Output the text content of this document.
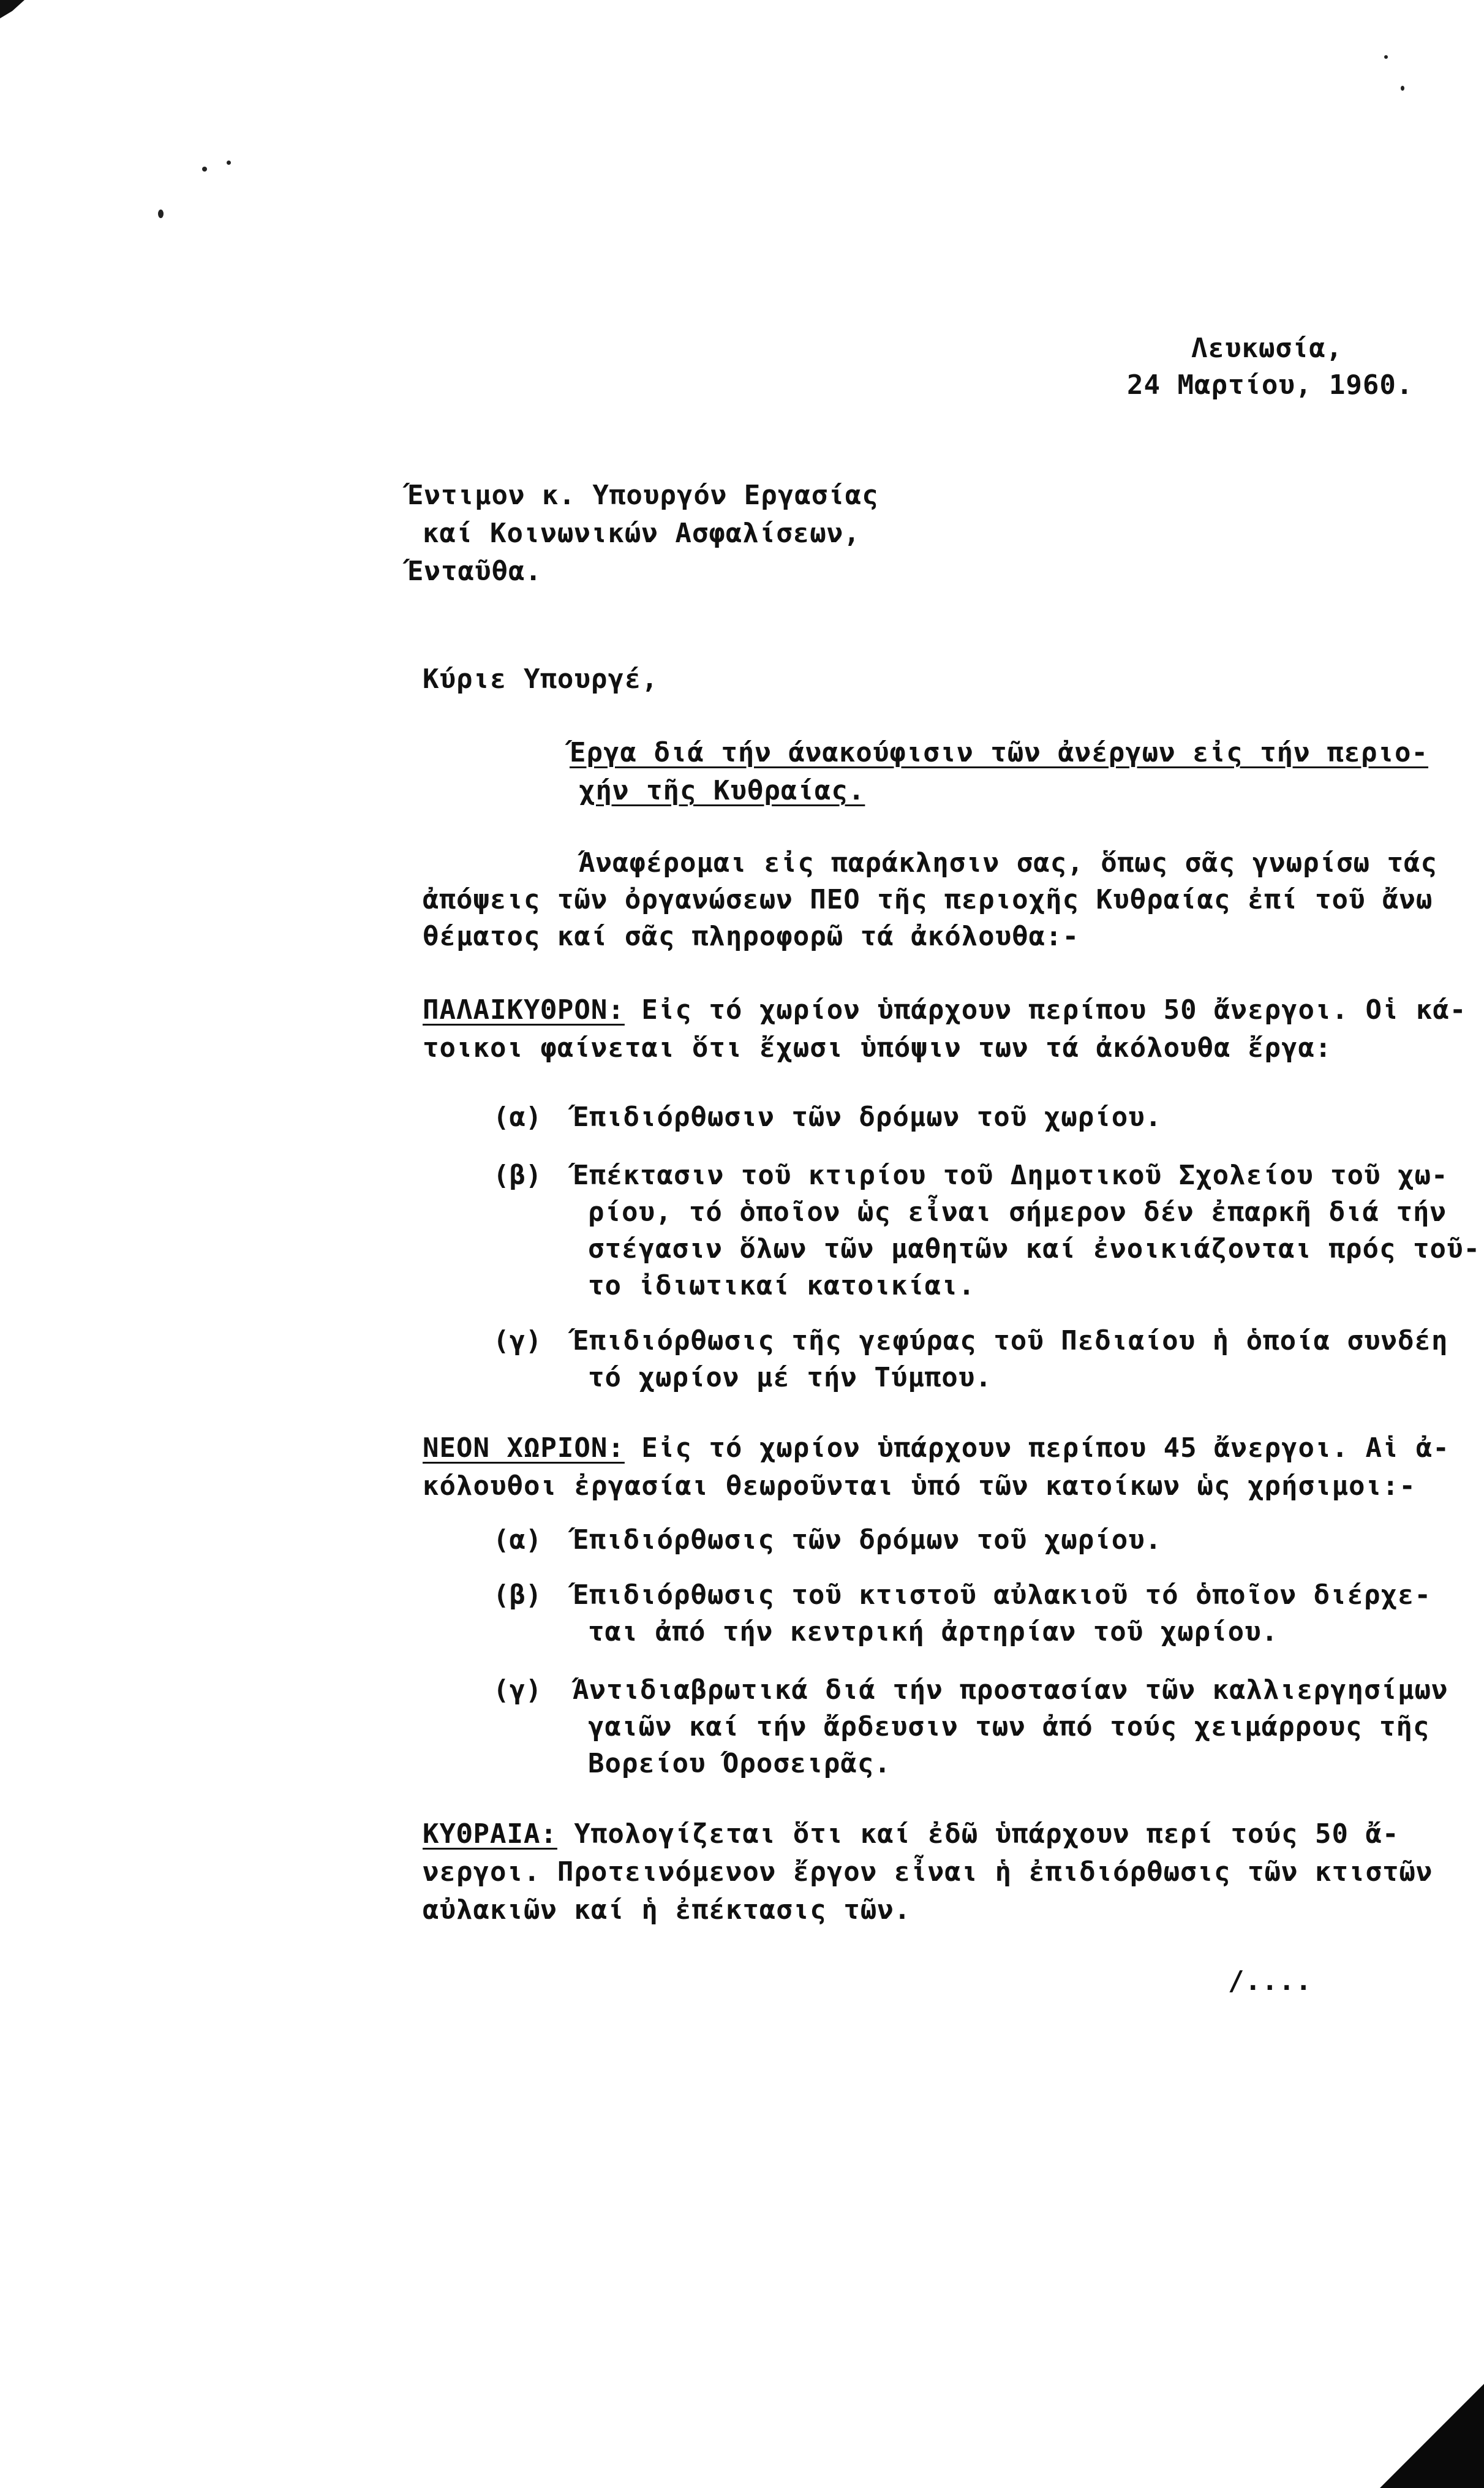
Λευκωσία,
24 Μαρτίου, 1960.
Έντιμον κ. Υπουργόν Εργασίας
καί Κοινωνικών Ασφαλίσεων,
Ένταῦθα.
Κύριε Υπουργέ,
Έργα διά τήν άνακούφισιν τῶν ἀνέργων εἰς τήν περιο-
χήν τῆς Κυθραίας.
Άναφέρομαι εἰς παράκλησιν σας, ὅπως σᾶς γνωρίσω τάς
ἀπόψεις τῶν ὀργανώσεων ΠΕΟ τῆς περιοχῆς Κυθραίας ἐπί τοῦ ἄνω
θέματος καί σᾶς πληροφορῶ τά ἀκόλουθα:-
ΠΑΛΑΙΚΥΘΡΟΝ: Εἰς τό χωρίον ὑπάρχουν περίπου 50 ἄνεργοι. Οἱ κά-
τοικοι φαίνεται ὅτι ἔχωσι ὑπόψιν των τά ἀκόλουθα ἔργα:
(α) Έπιδιόρθωσιν τῶν δρόμων τοῦ χωρίου.
(β) Έπέκτασιν τοῦ κτιρίου τοῦ Δημοτικοῦ Σχολείου τοῦ χω-
ρίου, τό ὁποῖον ὡς εἶναι σήμερον δέν ἐπαρκῆ διά τήν
στέγασιν ὅλων τῶν μαθητῶν καί ἐνοικιάζονται πρός τοῦ-
το ἰδιωτικαί κατοικίαι.
(γ) Έπιδιόρθωσις τῆς γεφύρας τοῦ Πεδιαίου ἡ ὁποία συνδέη
τό χωρίον μέ τήν Τύμπου.
ΝΕΟΝ ΧΩΡΙΟΝ: Εἰς τό χωρίον ὑπάρχουν περίπου 45 ἄνεργοι. Αἱ ἀ-
κόλουθοι ἐργασίαι θεωροῦνται ὑπό τῶν κατοίκων ὡς χρήσιμοι:-
(α) Έπιδιόρθωσις τῶν δρόμων τοῦ χωρίου.
(β) Έπιδιόρθωσις τοῦ κτιστοῦ αὐλακιοῦ τό ὁποῖον διέρχε-
ται ἀπό τήν κεντρική ἀρτηρίαν τοῦ χωρίου.
(γ) Άντιδιαβρωτικά διά τήν προστασίαν τῶν καλλιεργησίμων
γαιῶν καί τήν ἄρδευσιν των ἀπό τούς χειμάρρους τῆς
Βορείου Όροσειρᾶς.
ΚΥΘΡΑΙΑ: Υπολογίζεται ὅτι καί ἐδῶ ὑπάρχουν περί τούς 50 ἄ-
νεργοι. Προτεινόμενον ἔργον εἶναι ἡ ἐπιδιόρθωσις τῶν κτιστῶν
αὐλακιῶν καί ἡ ἐπέκτασις τῶν.
/....
